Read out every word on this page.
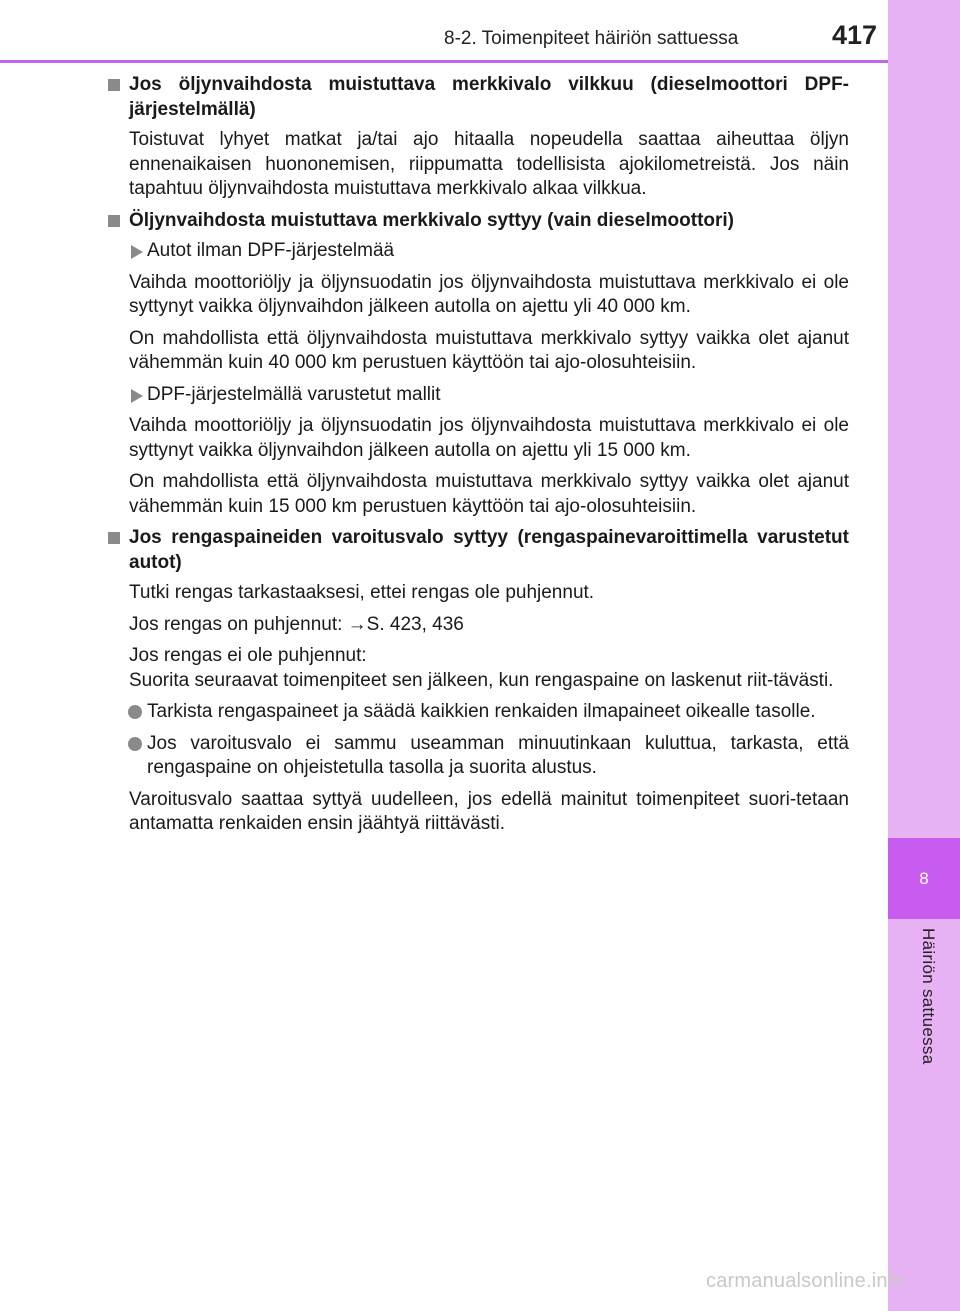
8
Häiriön sattuessa
8-2. Toimenpiteet häiriön sattuessa	417

Jos öljynvaihdosta muistuttava merkkivalo vilkkuu (dieselmoottori DPF-järjestelmällä)

Toistuvat lyhyet matkat ja/tai ajo hitaalla nopeudella saattaa aiheuttaa öljyn ennenaikaisen huononemisen, riippumatta todellisista ajokilometreistä. Jos näin tapahtuu öljynvaihdosta muistuttava merkkivalo alkaa vilkkua.

Öljynvaihdosta muistuttava merkkivalo syttyy (vain dieselmoottori)

Autot ilman DPF-järjestelmää

Vaihda moottoriöljy ja öljynsuodatin jos öljynvaihdosta muistuttava merkkivalo ei ole syttynyt vaikka öljynvaihdon jälkeen autolla on ajettu yli 40 000 km.

On mahdollista että öljynvaihdosta muistuttava merkkivalo syttyy vaikka olet ajanut vähemmän kuin 40 000 km perustuen käyttöön tai ajo-olosuhteisiin.

DPF-järjestelmällä varustetut mallit

Vaihda moottoriöljy ja öljynsuodatin jos öljynvaihdosta muistuttava merkkivalo ei ole syttynyt vaikka öljynvaihdon jälkeen autolla on ajettu yli 15 000 km.

On mahdollista että öljynvaihdosta muistuttava merkkivalo syttyy vaikka olet ajanut vähemmän kuin 15 000 km perustuen käyttöön tai ajo-olosuhteisiin.

Jos rengaspaineiden varoitusvalo syttyy (rengaspainevaroittimella varustetut autot)

Tutki rengas tarkastaaksesi, ettei rengas ole puhjennut.

Jos rengas on puhjennut: →S. 423, 436

Jos rengas ei ole puhjennut:
Suorita seuraavat toimenpiteet sen jälkeen, kun rengaspaine on laskenut riit-tävästi.

Tarkista rengaspaineet ja säädä kaikkien renkaiden ilmapaineet oikealle tasolle.

Jos varoitusvalo ei sammu useamman minuutinkaan kuluttua, tarkasta, että rengaspaine on ohjeistetulla tasolla ja suorita alustus.

Varoitusvalo saattaa syttyä uudelleen, jos edellä mainitut toimenpiteet suori-tetaan antamatta renkaiden ensin jäähtyä riittävästi.

carmanualsonline.info
